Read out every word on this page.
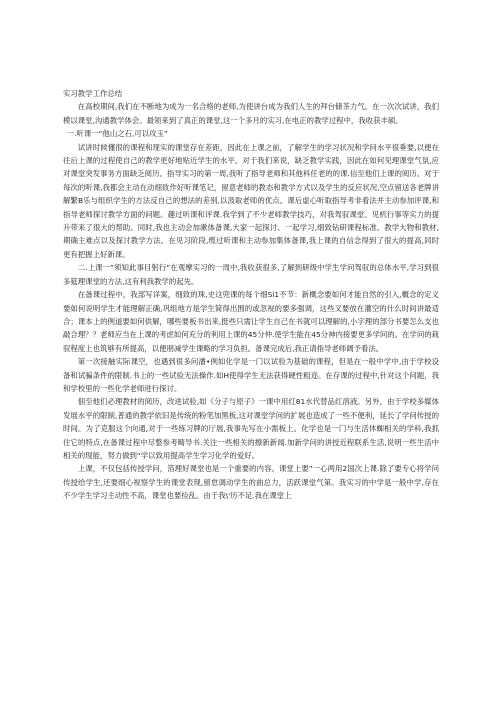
实习教学工作总结

在高校期间,我们在不断地为成为一名合格的老师,为使讲台成为我们人生的拜台储茶力气。在一次次试讲，我们模以课堂,沟通教学体会。最领来到了真正的课堂,这一个多月的实习,在电正的教学过程中，我收获丰硕。

一.听课一“他山之石,可以攻玉”

试讲时候懂很的课程和现实的课堂存在差距，因此在上课之前，了解学生的学习状况和学问水平很垂要,以便在往后上课的过程使自己的教学更好地贴近学生的水平。对于我们来说，缺乏教学实践，因此在如何见理课堂气氛,应对课堂突发事务方面缺乏阅历。指导实习的第一周,我听了指导老师和其他科任老的的课.信至他们上课的阅历。对于每次的听课,我都会主动在动细致作好听课笔记，留意老师的教态和教学方式以及学生的反应状况,空点留送各老牌讲解繁B乐与组织学生的方法反自己的想法的差别,以汲取老师的优点。课后虚心听取指导考非看法并主动参加评课,和指导老师探讨教学方面的问题。趣过听课和评课.我学到了不少老师教学技巧，对我驾驭课堂、见机行事等实力的提升带来了很大的帮助。同时,我也主动会加漱体备课,大家一起探讨、一起学习,细致钻研课程标准、教学大物和教材,期确主难点以及探讨教学方法。在见习阶段,缆过听课和主动参加集体备课,我上课的自信念得到了很大的提高,同时更有把握上好新课。

二.上课一”须知此事目躬行”在观摩实习的一周中,我收获很多,了解到研级中学生学问驾驭的总体水平,学习到很多筵理课堂的方法,这有利我教学的起先。

在备课过程中，我部写详案，细致的珠,史这兜课的每个细Si1不节：新概念要如何才能自然的引入,概念的定义要如何说明学生才能理解正确,巩组地方是学生简得出围的或忽视的要多强调，这些又要放在灌空的什么时间讲最适合；课本上的例道要如何供解，哪些要板书出来,挺些只需让学生自己在书就可以理解的,小字理的部分书要怎么支也敲合理？？老师应当在上课的考虑如何充分的利用上课的45分仲.使学生能在45分神内接要更多学问的。在学问的栽驭程度上也筑够有所提高，以便朋减学生课略的学习负担。备课完成后,我正请指导老师阔予看法。

第一次接触实际课空，也遇到很多问潘•例如化学是一门以试验为基础的课程，但是在一般中学中,由于学校设备和试骗条件的限制.书上的一些试验无法操作.如H使得学生无法获得硬性粗迩。在存课的过程中,针对这个问题，我和学校里的一些化学老师进行探讨。

佃至他们必理教材的阅历，改进试验,如《分子与原子》一课中用红81水代替品红溶液。另外，由于学校多媒体发展水平的限制,普通的教学依旧是传统的粉笔加黑板,这对课堂学问的扩展也造成了一些不便利，延长了学问传授的时间。为了克服这个向通,对于一些练习牌的厅展,我事先写在小需板上。化学也是一门与生活休蜘相关的学科,我抓住它的特点,在备课过程中尽整参考畸导书.关注一些相关的擦新新闻.加新学问的讲授近程联系生活,说明一些生活中相关的现能，努力做到“学以致用提高学生学习化学的爱好。

上课，不仅包括传授学问，箔理好课堂也是一个重要的内容。课堂上要”一心两用2国次上课.除了要专心将学问传授给学生,还要细心视察学生的课堂表现,留怠调动学生的曲总力，活跃课堂气第。我实习的中学是一般中学,存在不少学生学习主动性不高，课堂也要捡乱。由于我\'历不足.我在课堂上
